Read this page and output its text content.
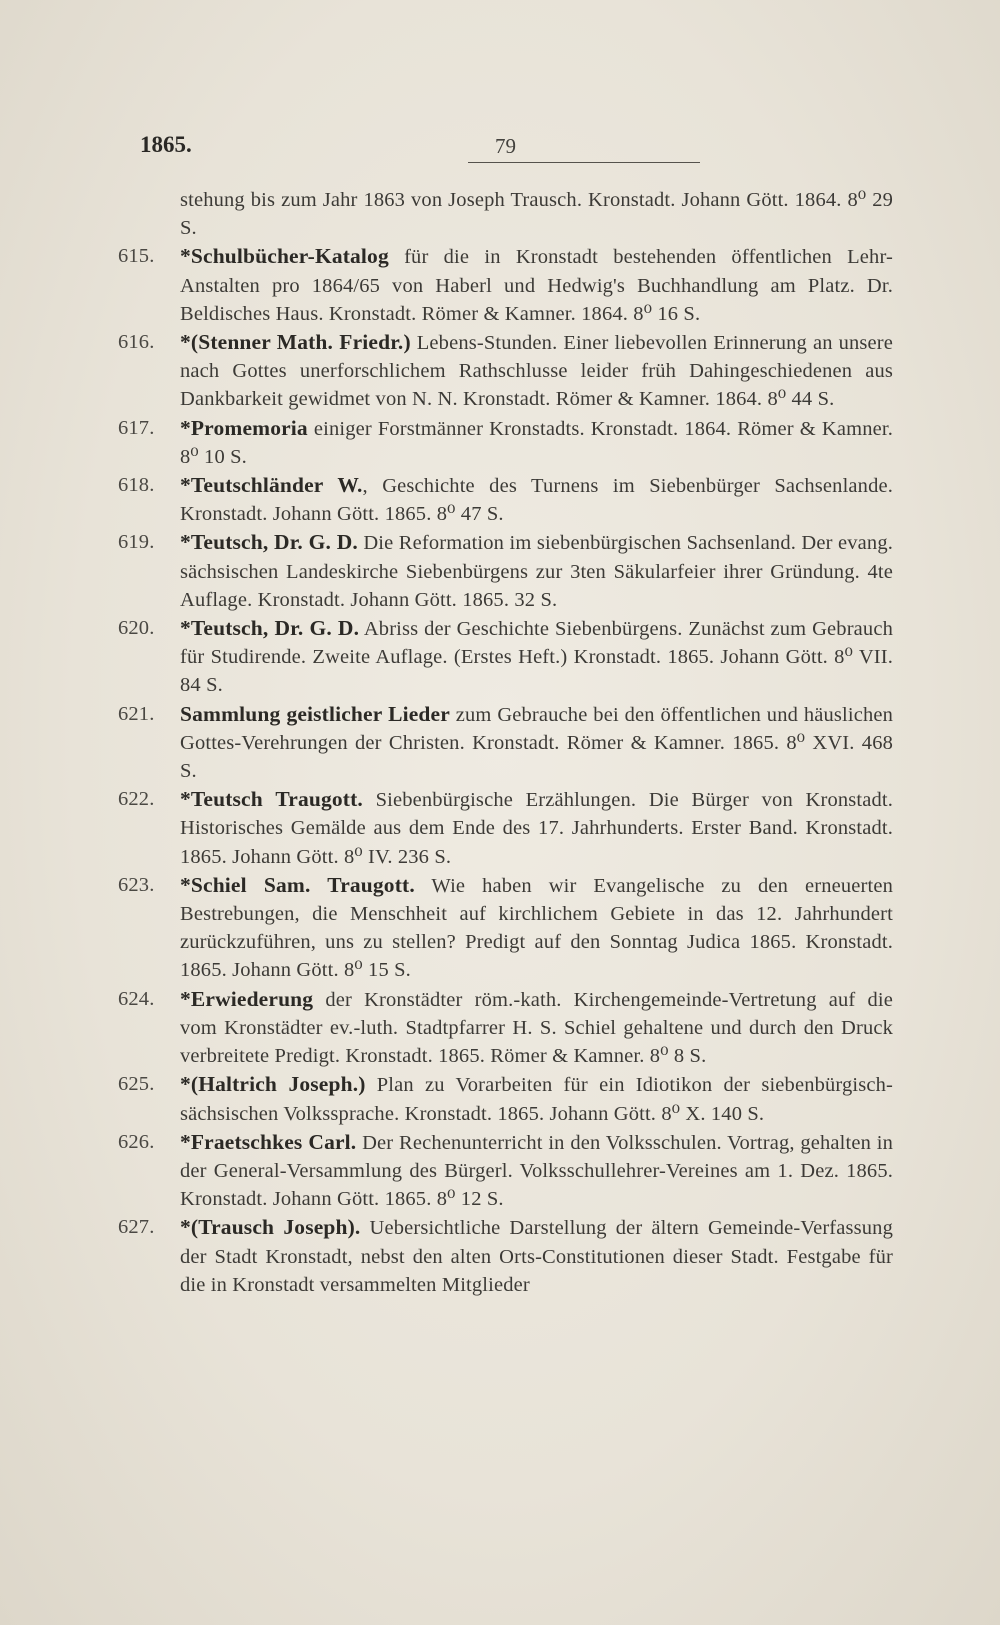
1865.	79
stehung bis zum Jahr 1863 von Joseph Trausch. Kronstadt. Johann Gött. 1864. 8⁰ 29 S.
615.	*Schulbücher-Katalog für die in Kronstadt bestehenden öffentlichen Lehr-Anstalten pro 1864/65 von Haberl und Hedwig's Buchhandlung am Platz. Dr. Beldisches Haus. Kronstadt. Römer & Kamner. 1864. 8⁰ 16 S.
616.	*(Stenner Math. Friedr.) Lebens-Stunden. Einer liebevollen Erinnerung an unsere nach Gottes unerforschlichem Rathschlusse leider früh Dahingeschiedenen aus Dankbarkeit gewidmet von N. N. Kronstadt. Römer & Kamner. 1864. 8⁰ 44 S.
617.	*Promemoria einiger Forstmänner Kronstadts. Kronstadt. 1864. Römer & Kamner. 8⁰ 10 S.
618.	*Teutschländer W., Geschichte des Turnens im Siebenbürger Sachsenlande. Kronstadt. Johann Gött. 1865. 8⁰ 47 S.
619.	*Teutsch, Dr. G. D. Die Reformation im siebenbürgischen Sachsenland. Der evang. sächsischen Landeskirche Siebenbürgens zur 3ten Säkularfeier ihrer Gründung. 4te Auflage. Kronstadt. Johann Gött. 1865. 32 S.
620.	*Teutsch, Dr. G. D. Abriss der Geschichte Siebenbürgens. Zunächst zum Gebrauch für Studirende. Zweite Auflage. (Erstes Heft.) Kronstadt. 1865. Johann Gött. 8⁰ VII. 84 S.
621.	Sammlung geistlicher Lieder zum Gebrauche bei den öffentlichen und häuslichen Gottes-Verehrungen der Christen. Kronstadt. Römer & Kamner. 1865. 8⁰ XVI. 468 S.
622.	*Teutsch Traugott. Siebenbürgische Erzählungen. Die Bürger von Kronstadt. Historisches Gemälde aus dem Ende des 17. Jahrhunderts. Erster Band. Kronstadt. 1865. Johann Gött. 8⁰ IV. 236 S.
623.	*Schiel Sam. Traugott. Wie haben wir Evangelische zu den erneuerten Bestrebungen, die Menschheit auf kirchlichem Gebiete in das 12. Jahrhundert zurückzuführen, uns zu stellen? Predigt auf den Sonntag Judica 1865. Kronstadt. 1865. Johann Gött. 8⁰ 15 S.
624.	*Erwiederung der Kronstädter röm.-kath. Kirchengemeinde-Vertretung auf die vom Kronstädter ev.-luth. Stadtpfarrer H. S. Schiel gehaltene und durch den Druck verbreitete Predigt. Kronstadt. 1865. Römer & Kamner. 8⁰ 8 S.
625.	*(Haltrich Joseph.) Plan zu Vorarbeiten für ein Idiotikon der siebenbürgisch-sächsischen Volkssprache. Kronstadt. 1865. Johann Gött. 8⁰ X. 140 S.
626.	*Fraetschkes Carl. Der Rechenunterricht in den Volksschulen. Vortrag, gehalten in der General-Versammlung des Bürgerl. Volksschullehrer-Vereines am 1. Dez. 1865. Kronstadt. Johann Gött. 1865. 8⁰ 12 S.
627.	*(Trausch Joseph). Uebersichtliche Darstellung der ältern Gemeinde-Verfassung der Stadt Kronstadt, nebst den alten Orts-Constitutionen dieser Stadt. Festgabe für die in Kronstadt versammelten Mitglieder
